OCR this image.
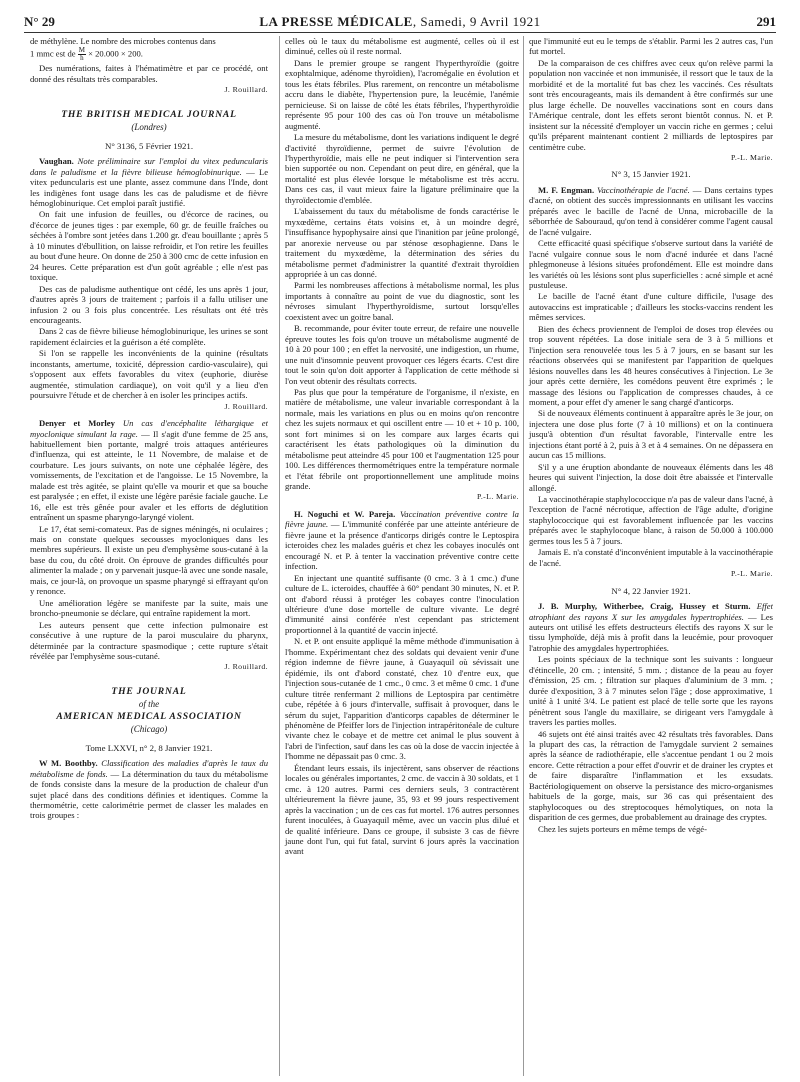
N° 29	LA PRESSE MÉDICALE, Samedi, 9 Avril 1921	291

de méthylène. Le nombre des microbes contenus dans

1 mmc est de $\frac{M}{h} \times 20.000 \times 200$.

Des numérations, faites à l'hématimètre et par ce procédé, ont donné des résultats très comparables.

J. Rouillard.

THE BRITISH MEDICAL JOURNAL

(Londres)

N° 3136, 5 Février 1921.

Vaughan. Note préliminaire sur l'emploi du vitex peduncularis dans le paludisme et la fièvre bilieuse hémoglobinurique. — Le vitex peduncularis est une plante, assez commune dans l'Inde, dont les indigènes font usage dans les cas de paludisme et de fièvre hémoglobinurique. Cet emploi paraît justifié.

On fait une infusion de feuilles, ou d'écorce de racines, ou d'écorce de jeunes tiges : par exemple, 60 gr. de feuille fraîches ou séchées à l'ombre sont jetées dans 1.200 gr. d'eau bouillante ; après 5 à 10 minutes d'ébullition, on laisse refroidir, et l'on retire les feuilles au bout d'une heure. On donne de 250 à 300 cmc de cette infusion en 24 heures. Cette préparation est d'un goût agréable ; elle n'est pas toxique.

Des cas de paludisme authentique ont cédé, les uns après 1 jour, d'autres après 3 jours de traitement ; parfois il a fallu utiliser une infusion 2 ou 3 fois plus concentrée. Les résultats ont été très encourageants.

Dans 2 cas de fièvre bilieuse hémoglobinurique, les urines se sont rapidement éclaircies et la guérison a été complète.

Si l'on se rappelle les inconvénients de la quinine (résultats inconstants, amertume, toxicité, dépression cardio-vasculaire), qui s'opposent aux effets favorables du vitex (euphorie, diurèse augmentée, stimulation cardiaque), on voit qu'il y a lieu d'en poursuivre l'étude et de chercher à en isoler les principes actifs.

J. Rouillard.

Denyer et Morley Un cas d'encéphalite léthargique et myoclonique simulant la rage. — Il s'agit d'une femme de 25 ans, habituellement bien portante, malgré trois attaques antérieures d'influenza, qui est atteinte, le 11 Novembre, de malaise et de courbature. Les jours suivants, on note une céphalée légère, des vomissements, de l'excitation et de l'angoisse. Le 15 Novembre, la malade est très agitée, se plaint qu'elle va mourir et que sa bouche est paralysée ; en effet, il existe une légère parésie faciale gauche. Le 16, elle est très gênée pour avaler et les efforts de déglutition entraînent un spasme pharyngo-laryngé violent.

Le 17, état semi-comateux. Pas de signes méningés, ni oculaires ; mais on constate quelques secousses myocloniques dans les membres supérieurs. Il existe un peu d'emphysème sous-cutané à la base du cou, du côté droit. On éprouve de grandes difficultés pour alimenter la malade ; on y parvenait jusque-là avec une sonde nasale, mais, ce jour-là, on provoque un spasme pharyngé si effrayant qu'on y renonce.

Une amélioration légère se manifeste par la suite, mais une broncho-pneumonie se déclare, qui entraîne rapidement la mort.

Les auteurs pensent que cette infection pulmonaire est consécutive à une rupture de la paroi musculaire du pharynx, déterminée par la contracture spasmodique ; cette rupture s'était révélée par l'emphysème sous-cutané.

J. Rouillard.

THE JOURNAL

of the

AMERICAN MEDICAL ASSOCIATION

(Chicago)

Tome LXXVI, n° 2, 8 Janvier 1921.

W M. Boothby. Classification des maladies d'après le taux du métabolisme de fonds. — La détermination du taux du métabolisme de fonds consiste dans la mesure de la production de chaleur d'un sujet placé dans des conditions définies et identiques. Comme la thermométrie, cette calorimétrie permet de classer les malades en trois groupes :

celles où le taux du métabolisme est augmenté, celles où il est diminué, celles où il reste normal.

Dans le premier groupe se rangent l'hyperthyroïdie (goitre exophtalmique, adénome thyroïdien), l'acromégalie en évolution et tous les états fébriles. Plus rarement, on rencontre un métabolisme accru dans le diabète, l'hypertension pure, la leucémie, l'anémie pernicieuse. Si on laisse de côté les états fébriles, l'hyperthyroïdie représente 95 pour 100 des cas où l'on trouve un métabolisme augmenté.

La mesure du métabolisme, dont les variations indiquent le degré d'activité thyroïdienne, permet de suivre l'évolution de l'hyperthyroïdie, mais elle ne peut indiquer si l'intervention sera bien supportée ou non. Cependant on peut dire, en général, que la mortalité est plus élevée lorsque le métabolisme est très accru. Dans ces cas, il vaut mieux faire la ligature préliminaire que la thyroïdectomie d'emblée.

L'abaissement du taux du métabolisme de fonds caractérise le myxœdème, certains états voisins et, à un moindre degré, l'insuffisance hypophysaire ainsi que l'inanition par jeûne prolongé, par anorexie nerveuse ou par sténose œsophagienne. Dans le traitement du myxœdème, la détermination des séries du métabolisme permet d'administrer la quantité d'extrait thyroïdien appropriée à un cas donné.

Parmi les nombreuses affections à métabolisme normal, les plus importants à connaître au point de vue du diagnostic, sont les névroses simulant l'hyperthyroïdisme, surtout lorsqu'elles coexistent avec un goitre banal.

B. recommande, pour éviter toute erreur, de refaire une nouvelle épreuve toutes les fois qu'on trouve un métabolisme augmenté de 10 à 20 pour 100 ; en effet la nervosité, une indigestion, un rhume, une nuit d'insomnie peuvent provoquer ces légers écarts. C'est dire tout le soin qu'on doit apporter à l'application de cette méthode si l'on veut obtenir des résultats corrects.

Pas plus que pour la température de l'organisme, il n'existe, en matière de métabolisme, une valeur invariable correspondant à la normale, mais les variations en plus ou en moins qu'on rencontre chez les sujets normaux et qui oscillent entre — 10 et + 10 p. 100, sont fort minimes si on les compare aux larges écarts qui caractérisent les états pathologiques où la diminution du métabolisme peut atteindre 45 pour 100 et l'augmentation 125 pour 100. Les différences thermométriques entre la température normale et l'état fébrile ont proportionnellement une amplitude moins grande.

P.-L. Marie.

H. Noguchi et W. Pareja. Vaccination préventive contre la fièvre jaune. — L'immunité conférée par une atteinte antérieure de fièvre jaune et la présence d'anticorps dirigés contre le Leptospira icteroides chez les malades guéris et chez les cobayes inoculés ont encouragé N. et P. à tenter la vaccination préventive contre cette infection.

En injectant une quantité suffisante (0 cmc. 3 à 1 cmc.) d'une culture de L. icteroides, chauffée à 60° pendant 30 minutes, N. et P. ont d'abord réussi à protéger les cobayes contre l'inoculation ultérieure d'une dose mortelle de culture vivante. Le degré d'immunité ainsi conférée n'est cependant pas strictement proportionnel à la quantité de vaccin injecté.

N. et P. ont ensuite appliqué la même méthode d'immunisation à l'homme. Expérimentant chez des soldats qui devaient venir d'une région indemne de fièvre jaune, à Guayaquil où sévissait une épidémie, ils ont d'abord constaté, chez 10 d'entre eux, que l'injection sous-cutanée de 1 cmc., 0 cmc. 3 et même 0 cmc. 1 d'une culture titrée renfermant 2 millions de Leptospira par centimètre cube, répétée à 6 jours d'intervalle, suffisait à provoquer, dans le sérum du sujet, l'apparition d'anticorps capables de déterminer le phénomène de Pfeiffer lors de l'injection intrapéritonéale de culture vivante chez le cobaye et de mettre cet animal le plus souvent à l'abri de l'infection, sauf dans les cas où la dose de vaccin injectée à l'homme ne dépassait pas 0 cmc. 3.

Étendant leurs essais, ils injectèrent, sans observer de réactions locales ou générales importantes, 2 cmc. de vaccin à 30 soldats, et 1 cmc. à 120 autres. Parmi ces derniers seuls, 3 contractèrent ultérieurement la fièvre jaune, 35, 93 et 99 jours respectivement après la vaccination ; un de ces cas fut mortel. 176 autres personnes furent inoculées, à Guayaquil même, avec un vaccin plus dilué et de qualité inférieure. Dans ce groupe, il subsiste 3 cas de fièvre jaune dont l'un, qui fut fatal, survint 6 jours après la vaccination avant

que l'immunité eut eu le temps de s'établir. Parmi les 2 autres cas, l'un fut mortel.

De la comparaison de ces chiffres avec ceux qu'on relève parmi la population non vaccinée et non immunisée, il ressort que le taux de la morbidité et de la mortalité fut bas chez les vaccinés. Ces résultats sont très encourageants, mais ils demandent à être confirmés sur une plus large échelle. De nouvelles vaccinations sont en cours dans l'Amérique centrale, dont les effets seront bientôt connus. N. et P. insistent sur la nécessité d'employer un vaccin riche en germes ; celui qu'ils préparent maintenant contient 2 milliards de leptospires par centimètre cube.

P.-L. Marie.

N° 3, 15 Janvier 1921.

M. F. Engman. Vaccinothérapie de l'acné. — Dans certains types d'acné, on obtient des succès impressionnants en utilisant les vaccins préparés avec le bacille de l'acné de Unna, microbacille de la séborrhée de Sabouraud, qu'on tend à considérer comme l'agent causal de l'acné vulgaire.

Cette efficacité quasi spécifique s'observe surtout dans la variété de l'acné vulgaire connue sous le nom d'acné indurée et dans l'acné phlegmoneuse à lésions situées profondément. Elle est moindre dans les variétés où les lésions sont plus superficielles : acné simple et acné pustuleuse.

Le bacille de l'acné étant d'une culture difficile, l'usage des autovaccins est impraticable ; d'ailleurs les stocks-vaccins rendent les mêmes services.

Bien des échecs proviennent de l'emploi de doses trop élevées ou trop souvent répétées. La dose initiale sera de 3 à 5 millions et l'injection sera renouvelée tous les 5 à 7 jours, en se basant sur les réactions observées qui se manifestent par l'apparition de quelques lésions nouvelles dans les 48 heures consécutives à l'injection. Le 3e jour après cette dernière, les comédons peuvent être exprimés ; le massage des lésions ou l'application de compresses chaudes, à ce moment, a pour effet d'y amener le sang chargé d'anticorps.

Si de nouveaux éléments continuent à apparaître après le 3e jour, on injectera une dose plus forte (7 à 10 millions) et on la continuera jusqu'à obtention d'un résultat favorable, l'intervalle entre les injections étant porté à 2, puis à 3 et à 4 semaines. On ne dépassera en aucun cas 15 millions.

S'il y a une éruption abondante de nouveaux éléments dans les 48 heures qui suivent l'injection, la dose doit être abaissée et l'intervalle allongé.

La vaccinothérapie staphylococcique n'a pas de valeur dans l'acné, à l'exception de l'acné nécrotique, affection de l'âge adulte, d'origine staphylococcique qui est favorablement influencée par les vaccins préparés avec le staphylocoque blanc, à raison de 50.000 à 100.000 germes tous les 5 à 7 jours.

Jamais E. n'a constaté d'inconvénient imputable à la vaccinothérapie de l'acné.

P.-L. Marie.

N° 4, 22 Janvier 1921.

J. B. Murphy, Witherbee, Craig, Hussey et Sturm. Effet atrophiant des rayons X sur les amygdales hypertrophiées. — Les auteurs ont utilisé les effets destructeurs électifs des rayons X sur le tissu lymphoïde, déjà mis à profit dans la leucémie, pour provoquer l'atrophie des amygdales hypertrophiées.

Les points spéciaux de la technique sont les suivants : longueur d'étincelle, 20 cm. ; intensité, 5 mm. ; distance de la peau au foyer d'émission, 25 cm. ; filtration sur plaques d'aluminium de 3 mm. ; durée d'exposition, 3 à 7 minutes selon l'âge ; dose approximative, 1 unité à 1 unité 3/4. Le patient est placé de telle sorte que les rayons pénètrent sous l'angle du maxillaire, se dirigeant vers l'amygdale à travers les parties molles.

46 sujets ont été ainsi traités avec 42 résultats très favorables. Dans la plupart des cas, la rétraction de l'amygdale survient 2 semaines après la séance de radiothérapie, elle s'accentue pendant 1 ou 2 mois encore. Cette rétraction a pour effet d'ouvrir et de drainer les cryptes et de faire disparaître l'inflammation et les exsudats. Bactériologiquement on observe la persistance des micro-organismes habituels de la gorge, mais, sur 36 cas qui présentaient des staphylocoques ou des streptocoques hémolytiques, on nota la disparition de ces germes, due probablement au drainage des cryptes.

Chez les sujets porteurs en même temps de végé-
